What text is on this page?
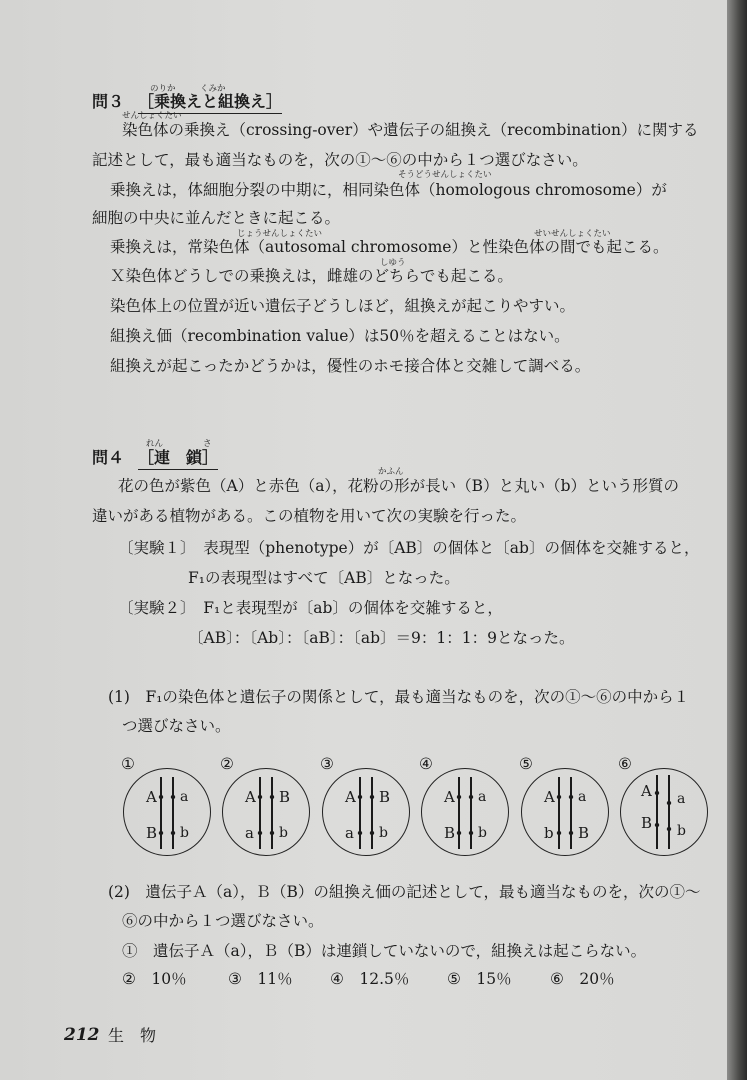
のりか	くみか
問３ ［乗換えと組換え］
せんしょくたい
染色体の乗換え（crossing-over）や遺伝子の組換え（recombination）に関する
記述として，最も適当なものを，次の①～⑥の中から１つ選びなさい。
そうどうせんしょくたい
乗換えは，体細胞分裂の中期に，相同染色体（homologous chromosome）が
細胞の中央に並んだときに起こる。
じょうせんしょくたい	せいせんしょくたい
乗換えは，常染色体（autosomal chromosome）と性染色体の間でも起こる。
しゆう
Ｘ染色体どうしでの乗換えは，雌雄のどちらでも起こる。
染色体上の位置が近い遺伝子どうしほど，組換えが起こりやすい。
組換え価（recombination value）は50％を超えることはない。
組換えが起こったかどうかは，優性のホモ接合体と交雑して調べる。
れん	さ
問４ ［連　鎖］
かふん
花の色が紫色（A）と赤色（a），花粉の形が長い（B）と丸い（b）という形質の
違いがある植物がある。この植物を用いて次の実験を行った。
〔実験１〕　表現型（phenotype）が〔AB〕の個体と〔ab〕の個体を交雑すると，
F₁の表現型はすべて〔AB〕となった。
〔実験２〕　F₁と表現型が〔ab〕の個体を交雑すると，
〔AB〕：〔Ab〕：〔aB〕：〔ab〕＝9：1：1：9となった。
(1)　F₁の染色体と遺伝子の関係として，最も適当なものを，次の①～⑥の中から１
つ選びなさい。
①
A a
B b
②
A B
a b
③
A B
a b
④
A a
B b
⑤
A a
b B
⑥
A a
B b
(2)　遺伝子Ａ（a），Ｂ（B）の組換え価の記述として，最も適当なものを，次の①～
⑥の中から１つ選びなさい。
①　遺伝子Ａ（a），Ｂ（B）は連鎖していないので，組換えは起こらない。
②　10％	③　11％ ④　12.5％ ⑤　15％ ⑥　20％
212 生　物
